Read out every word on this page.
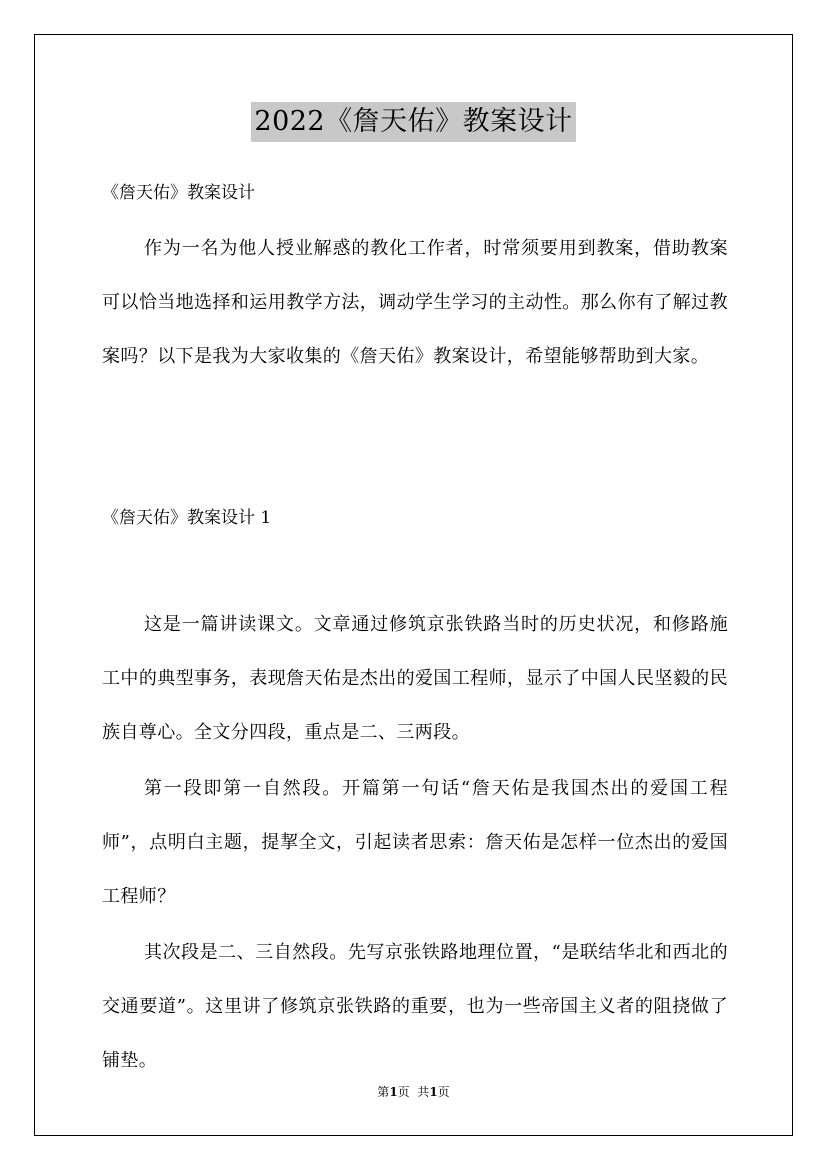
2022《詹天佑》教案设计
《詹天佑》教案设计
作为一名为他人授业解惑的教化工作者，时常须要用到教案，借助教案可以恰当地选择和运用教学方法，调动学生学习的主动性。那么你有了解过教案吗？以下是我为大家收集的《詹天佑》教案设计，希望能够帮助到大家。
《詹天佑》教案设计 1
这是一篇讲读课文。文章通过修筑京张铁路当时的历史状况，和修路施工中的典型事务，表现詹天佑是杰出的爱国工程师，显示了中国人民坚毅的民族自尊心。全文分四段，重点是二、三两段。
第一段即第一自然段。开篇第一句话“詹天佑是我国杰出的爱国工程师”，点明白主题，提挈全文，引起读者思索：詹天佑是怎样一位杰出的爱国工程师？
其次段是二、三自然段。先写京张铁路地理位置，“是联结华北和西北的交通要道”。这里讲了修筑京张铁路的重要，也为一些帝国主义者的阻挠做了铺垫。
第1页  共1页
